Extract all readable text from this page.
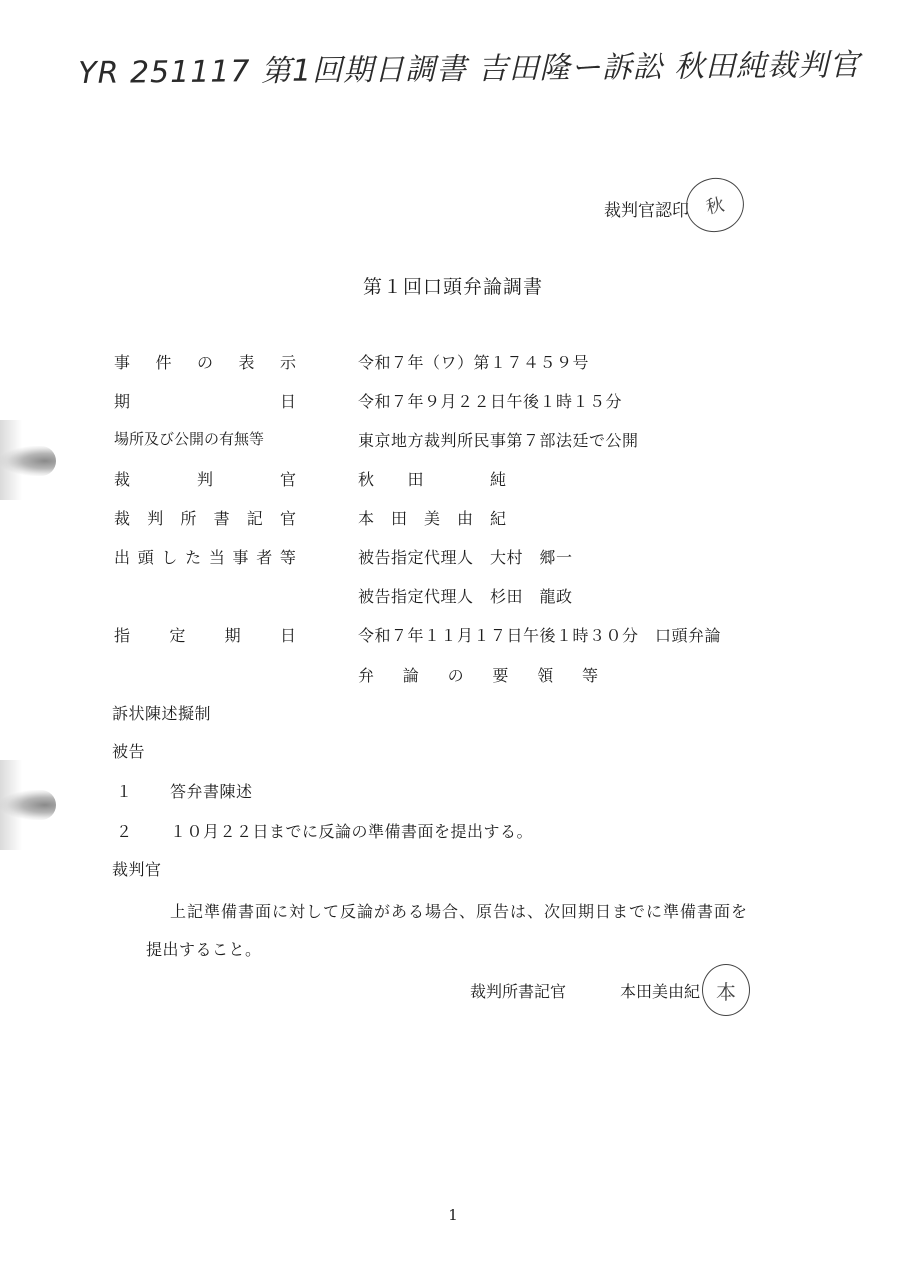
YR 251117 第1回期日調書 吉田隆ー訴訟 秋田純裁判官
裁判官認印 秋
第１回口頭弁論調書
事 件 の 表 示	令和７年（ワ）第１７４５９号
期	日	令和７年９月２２日午後１時１５分
場所及び公開の有無等	東京地方裁判所民事第７部法廷で公開
裁	判	官	秋　　田　　　　純
裁 判 所 書 記 官	本　田　美　由　紀
出 頭 し た 当 事 者 等	被告指定代理人　大村　郷一
被告指定代理人　杉田　龍政
指 定 期 日	令和７年１１月１７日午後１時３０分　口頭弁論
弁 論 の 要 領 等
訴状陳述擬制
被告
１ 答弁書陳述
２ １０月２２日までに反論の準備書面を提出する。
裁判官
上記準備書面に対して反論がある場合、原告は、次回期日までに準備書面を
提出すること。
裁判所書記官	本田美由紀 本
1
